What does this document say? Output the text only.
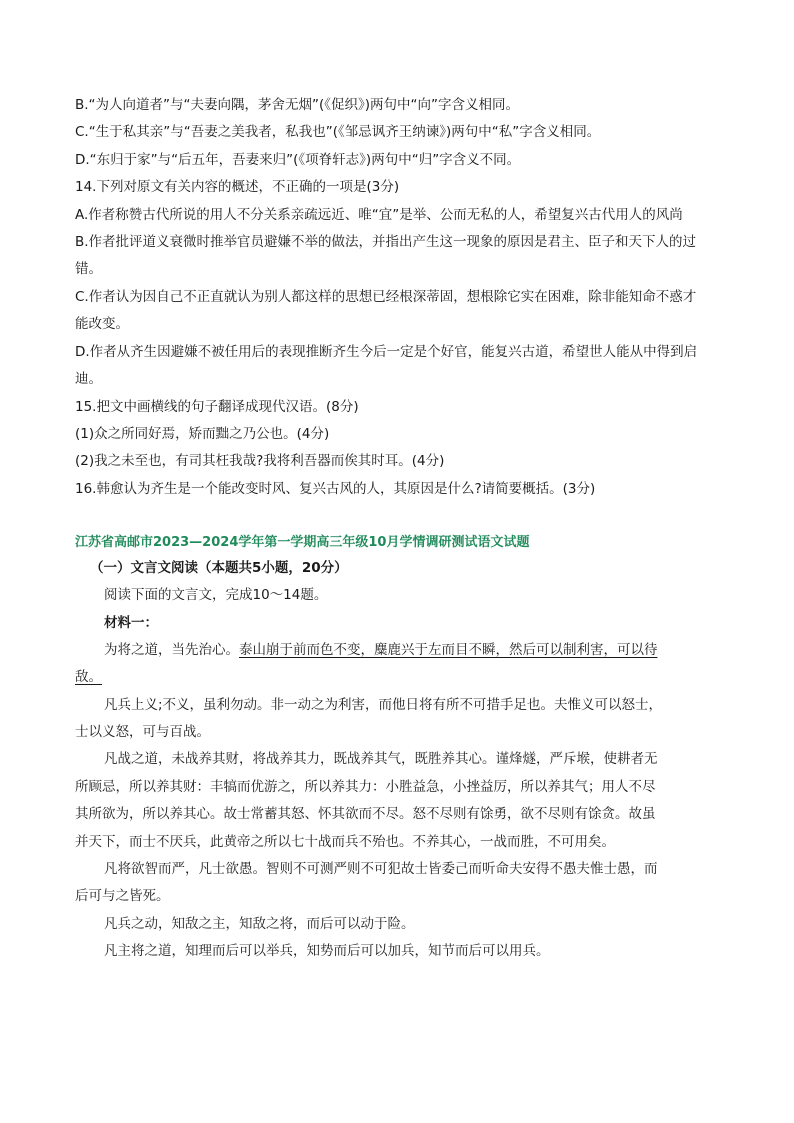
B.“为人向道者”与“夫妻向隅，茅舍无烟”(《促织》)两句中“向”字含义相同。
C.“生于私其亲”与“吾妻之美我者，私我也”(《邹忌讽齐王纳谏》)两句中“私”字含义相同。
D.“东归于家”与“后五年，吾妻来归”(《项脊轩志》)两句中“归”字含义不同。
14.下列对原文有关内容的概述，不正确的一项是(3分)
A.作者称赞古代所说的用人不分关系亲疏远近、唯“宜”是举、公而无私的人，希望复兴古代用人的风尚
B.作者批评道义衰微时推举官员避嫌不举的做法，并指出产生这一现象的原因是君主、臣子和天下人的过
错。
C.作者认为因自己不正直就认为别人都这样的思想已经根深蒂固，想根除它实在困难，除非能知命不惑才
能改变。
D.作者从齐生因避嫌不被任用后的表现推断齐生今后一定是个好官，能复兴古道，希望世人能从中得到启
迪。
15.把文中画横线的句子翻译成现代汉语。(8分)
(1)众之所同好焉，矫而黜之乃公也。(4分)
(2)我之未至也，有司其枉我哉?我将利吾器而俟其时耳。(4分)
16.韩愈认为齐生是一个能改变时风、复兴古风的人，其原因是什么?请简要概括。(3分)
江苏省高邮市2023—2024学年第一学期高三年级10月学情调研测试语文试题
（一）文言文阅读（本题共5小题，20分）
阅读下面的文言文，完成10～14题。
材料一：
为将之道，当先治心。泰山崩于前而色不变，麋鹿兴于左而目不瞬，然后可以制利害，可以待
敌。
凡兵上义;不义，虽利勿动。非一动之为利害，而他日将有所不可措手足也。夫惟义可以怒士，
士以义怒，可与百战。
凡战之道，未战养其财，将战养其力，既战养其气，既胜养其心。谨烽燧，严斥堠，使耕者无
所顾忌，所以养其财：丰犒而优游之，所以养其力：小胜益急，小挫益厉，所以养其气；用人不尽
其所欲为，所以养其心。故士常蓄其怒、怀其欲而不尽。怒不尽则有馀勇，欲不尽则有馀贪。故虽
并天下，而士不厌兵，此黄帝之所以七十战而兵不殆也。不养其心，一战而胜，不可用矣。
凡将欲智而严，凡士欲愚。智则不可测严则不可犯故士皆委己而听命夫安得不愚夫惟士愚，而
后可与之皆死。
凡兵之动，知敌之主，知敌之将，而后可以动于险。
凡主将之道，知理而后可以举兵，知势而后可以加兵，知节而后可以用兵。
